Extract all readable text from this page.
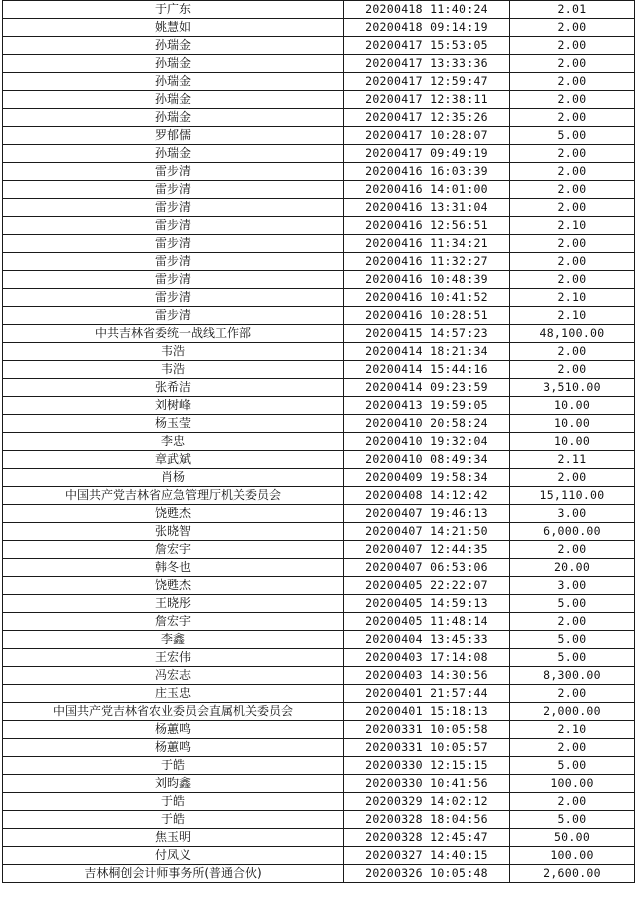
于广东	20200418 11:40:24	2.01
姚慧如	20200418 09:14:19	2.00
孙瑞金	20200417 15:53:05	2.00
孙瑞金	20200417 13:33:36	2.00
孙瑞金	20200417 12:59:47	2.00
孙瑞金	20200417 12:38:11	2.00
孙瑞金	20200417 12:35:26	2.00
罗郁儒	20200417 10:28:07	5.00
孙瑞金	20200417 09:49:19	2.00
雷步清	20200416 16:03:39	2.00
雷步清	20200416 14:01:00	2.00
雷步清	20200416 13:31:04	2.00
雷步清	20200416 12:56:51	2.10
雷步清	20200416 11:34:21	2.00
雷步清	20200416 11:32:27	2.00
雷步清	20200416 10:48:39	2.00
雷步清	20200416 10:41:52	2.10
雷步清	20200416 10:28:51	2.10
中共吉林省委统一战线工作部	20200415 14:57:23	48,100.00
韦浩	20200414 18:21:34	2.00
韦浩	20200414 15:44:16	2.00
张希洁	20200414 09:23:59	3,510.00
刘树峰	20200413 19:59:05	10.00
杨玉莹	20200410 20:58:24	10.00
李忠	20200410 19:32:04	10.00
章武斌	20200410 08:49:34	2.11
肖杨	20200409 19:58:34	2.00
中国共产党吉林省应急管理厅机关委员会	20200408 14:12:42	15,110.00
饶甦杰	20200407 19:46:13	3.00
张晓智	20200407 14:21:50	6,000.00
詹宏宇	20200407 12:44:35	2.00
韩冬也	20200407 06:53:06	20.00
饶甦杰	20200405 22:22:07	3.00
王晓彤	20200405 14:59:13	5.00
詹宏宇	20200405 11:48:14	2.00
李鑫	20200404 13:45:33	5.00
王宏伟	20200403 17:14:08	5.00
冯宏志	20200403 14:30:56	8,300.00
庄玉忠	20200401 21:57:44	2.00
中国共产党吉林省农业委员会直属机关委员会	20200401 15:18:13	2,000.00
杨蕙鸣	20200331 10:05:58	2.10
杨蕙鸣	20200331 10:05:57	2.00
于皓	20200330 12:15:15	5.00
刘昀鑫	20200330 10:41:56	100.00
于皓	20200329 14:02:12	2.00
于皓	20200328 18:04:56	5.00
焦玉明	20200328 12:45:47	50.00
付凤义	20200327 14:40:15	100.00
吉林桐创会计师事务所(普通合伙)	20200326 10:05:48	2,600.00
